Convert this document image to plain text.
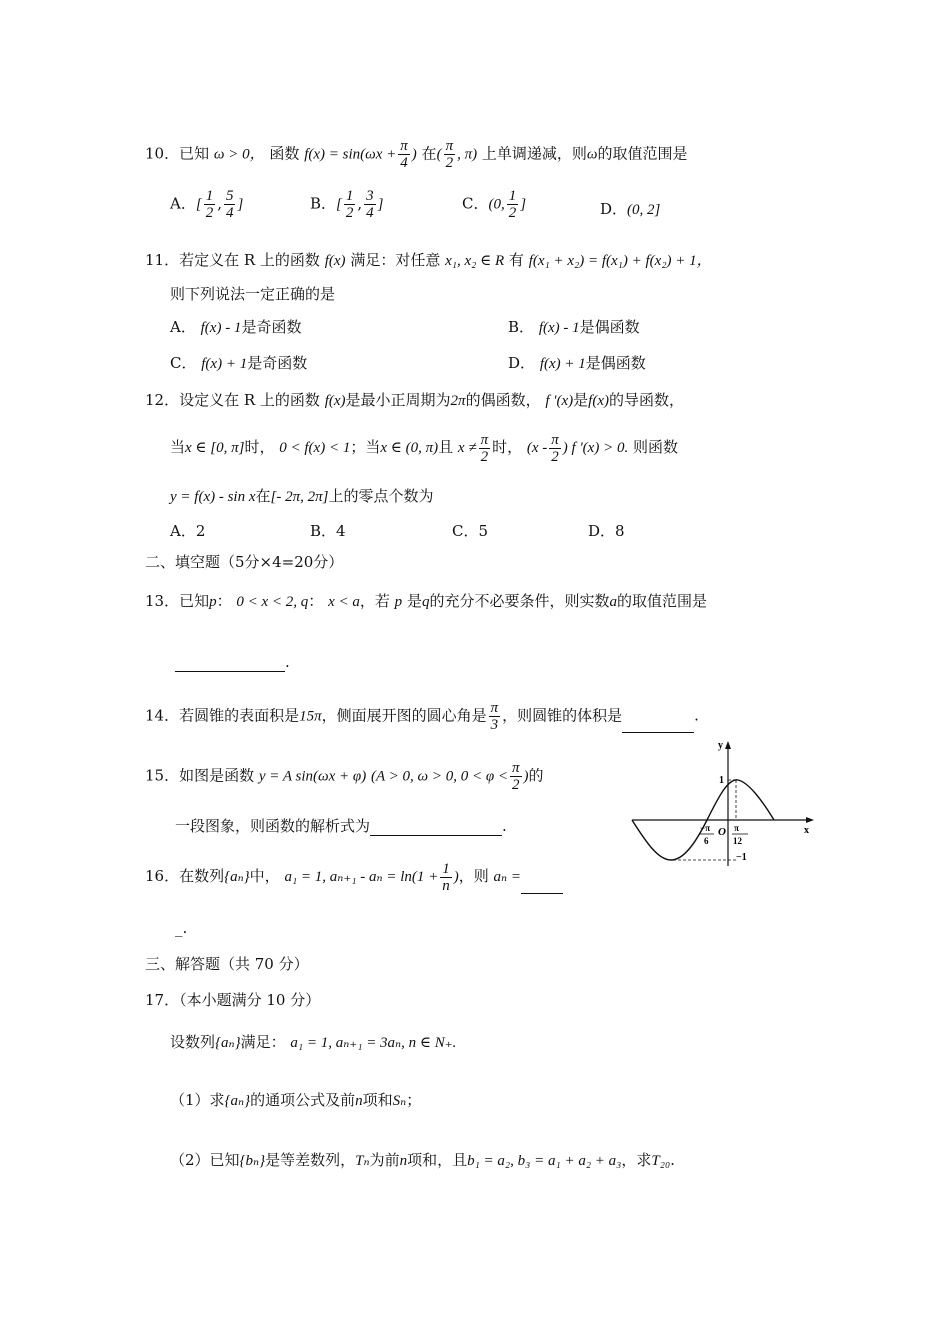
10．已知 ω > 0， 函数 $f(x) = \sin(\omega x + \frac{\pi}{4}$ ) 在( $\frac{\pi}{2}$ , π) 上单调递减，则ω的取值范围是
A．[ $\frac{1}{2}$ , $\frac{5}{4}$ ]	B．[ $\frac{1}{2}$ , $\frac{3}{4}$ ]	C．(0, $\frac{1}{2}$ ]	D．(0, 2]
11．若定义在 R 上的函数 f(x) 满足：对任意 x₁, x₂ ∈ R 有 f(x₁ + x₂) = f(x₁) + f(x₂) + 1，
则下列说法一定正确的是
A． f(x) - 1是奇函数	B． f(x) - 1是偶函数
C． f(x) + 1是奇函数	D． f(x) + 1是偶函数
12．设定义在 R 上的函数 f(x)是最小正周期为2π的偶函数， f '(x)是f(x)的导函数，
当x ∈ [0, π]时， 0 < f(x) < 1；当x ∈ (0, π)且 $x \ne \frac{\pi}{2}$ 时， ($x - \frac{\pi}{2}$ ) f '(x) > 0. 则函数
y = f(x) - sin x在[- 2π, 2π]上的零点个数为
A．2	B．4	C．5	D．8
二、填空题（5分×4=20分）
13．已知p： 0 < x < 2, q： x < a，若 p 是q的充分不必要条件，则实数a的取值范围是
.
14．若圆锥的表面积是15π，侧面展开图的圆心角是 $\frac{\pi}{3}$ ，则圆锥的体积是	.
15．如图是函数 y = A sin(ωx + φ) (A > 0, ω > 0, $0 < \varphi < \frac{\pi}{2}$ )的
一段图象，则函数的解析式为	.
y
x
1
O
−1
−π
6
π
12
16．在数列{aₙ}中， a₁ = 1, $a_{n+1} - a_n = \ln(1 + \frac{1}{n}$ )，则 aₙ =
_.
三、解答题（共 70 分）
17．（本小题满分 10 分）
设数列{aₙ}满足： a₁ = 1, aₙ₊₁ = 3aₙ, n ∈ N₊.
（1）求{aₙ}的通项公式及前n项和Sₙ；
（2）已知{bₙ}是等差数列，Tₙ为前n项和，且b₁ = a₂, b₃ = a₁ + a₂ + a₃，求T₂₀.
